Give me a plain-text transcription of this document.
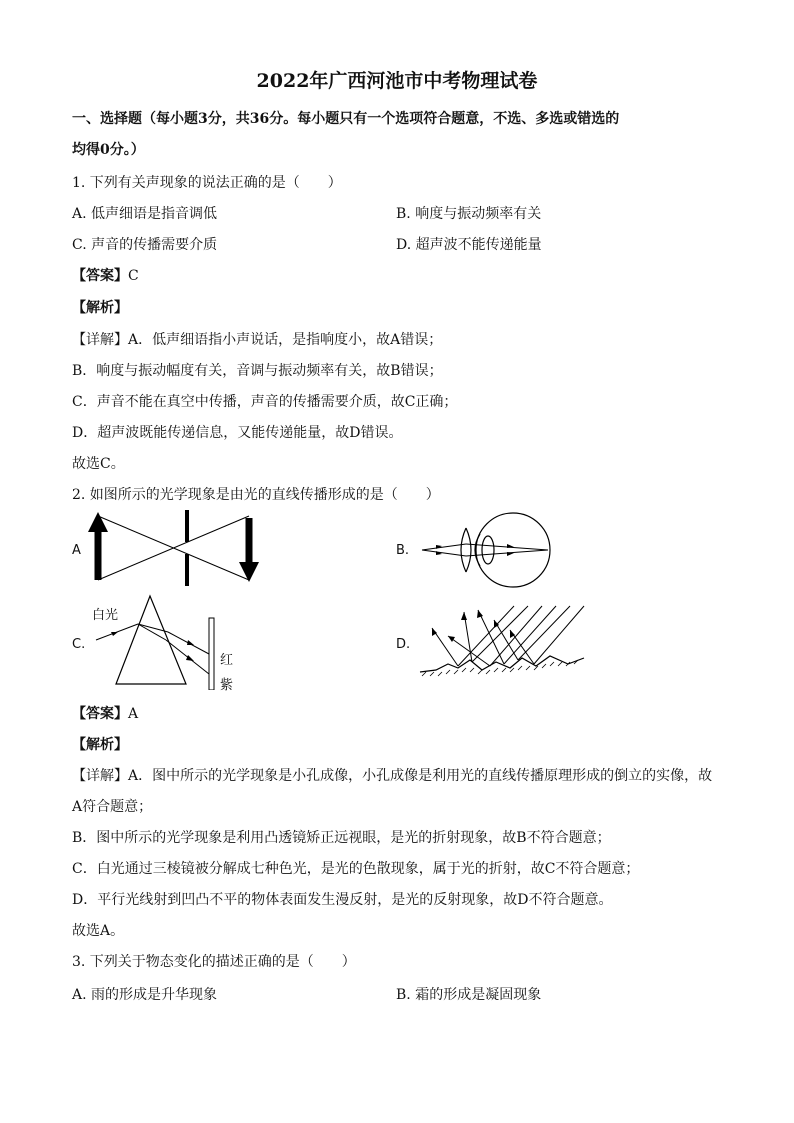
2022年广西河池市中考物理试卷
一、选择题（每小题3分，共36分。每小题只有一个选项符合题意，不选、多选或错选的
均得0分。）
1. 下列有关声现象的说法正确的是（　　）
A. 低声细语是指音调低	B. 响度与振动频率有关
C. 声音的传播需要介质	D. 超声波不能传递能量
【答案】C
【解析】
【详解】A．低声细语指小声说话，是指响度小，故A错误；
B．响度与振动幅度有关，音调与振动频率有关，故B错误；
C．声音不能在真空中传播，声音的传播需要介质，故C正确；
D．超声波既能传递信息，又能传递能量，故D错误。
故选C。
2. 如图所示的光学现象是由光的直线传播形成的是（　　）
A	B.
C.
白光
红
紫
D.
【答案】A
【解析】
【详解】A．图中所示的光学现象是小孔成像，小孔成像是利用光的直线传播原理形成的倒立的实像，故
A符合题意；
B．图中所示的光学现象是利用凸透镜矫正远视眼，是光的折射现象，故B不符合题意；
C．白光通过三棱镜被分解成七种色光，是光的色散现象，属于光的折射，故C不符合题意；
D．平行光线射到凹凸不平的物体表面发生漫反射，是光的反射现象，故D不符合题意。
故选A。
3. 下列关于物态变化的描述正确的是（　　）
A. 雨的形成是升华现象	B. 霜的形成是凝固现象
